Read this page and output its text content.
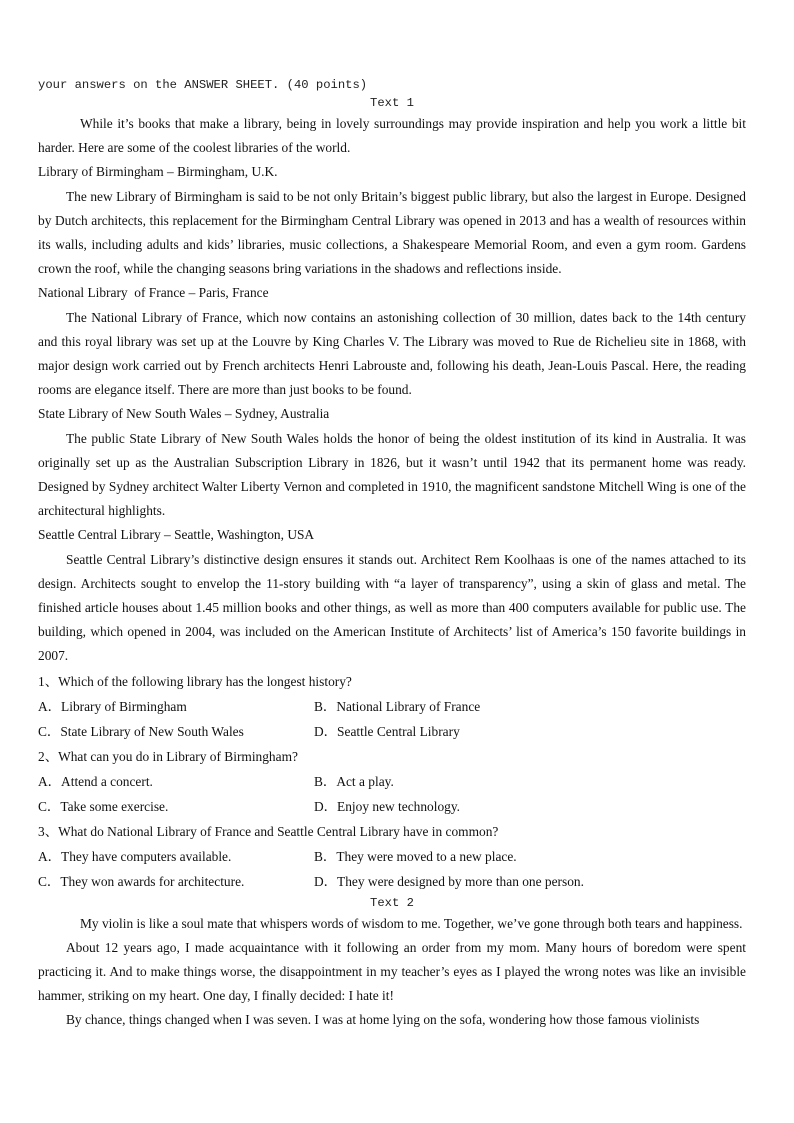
your answers on the ANSWER SHEET. (40 points)
Text 1

While it’s books that make a library, being in lovely surroundings may provide inspiration and help you work a little bit harder. Here are some of the coolest libraries of the world.

Library of Birmingham – Birmingham, U.K.

The new Library of Birmingham is said to be not only Britain’s biggest public library, but also the largest in Europe. Designed by Dutch architects, this replacement for the Birmingham Central Library was opened in 2013 and has a wealth of resources within its walls, including adults and kids’ libraries, music collections, a Shakespeare Memorial Room, and even a gym room. Gardens crown the roof, while the changing seasons bring variations in the shadows and reflections inside.

National Library  of France – Paris, France

The National Library of France, which now contains an astonishing collection of 30 million, dates back to the 14th century and this royal library was set up at the Louvre by King Charles V. The Library was moved to Rue de Richelieu site in 1868, with major design work carried out by French architects Henri Labrouste and, following his death, Jean-Louis Pascal. Here, the reading rooms are elegance itself. There are more than just books to be found.

State Library of New South Wales – Sydney, Australia

The public State Library of New South Wales holds the honor of being the oldest institution of its kind in Australia. It was originally set up as the Australian Subscription Library in 1826, but it wasn’t until 1942 that its permanent home was ready. Designed by Sydney architect Walter Liberty Vernon and completed in 1910, the magnificent sandstone Mitchell Wing is one of the architectural highlights.

Seattle Central Library – Seattle, Washington, USA

Seattle Central Library’s distinctive design ensures it stands out. Architect Rem Koolhaas is one of the names attached to its design. Architects sought to envelop the 11-story building with “a layer of transparency”, using a skin of glass and metal. The finished article houses about 1.45 million books and other things, as well as more than 400 computers available for public use. The building, which opened in 2004, was included on the American Institute of Architects’ list of America’s 150 favorite buildings in 2007.

1、Which of the following library has the longest history?

A．Library of Birmingham	B．National Library of France
C．State Library of New South Wales	D．Seattle Central Library

2、What can you do in Library of Birmingham?

A．Attend a concert.	B．Act a play.
C．Take some exercise.	D．Enjoy new technology.

3、What do National Library of France and Seattle Central Library have in common?

A．They have computers available.	B．They were moved to a new place.
C．They won awards for architecture.	D．They were designed by more than one person.
Text 2

My violin is like a soul mate that whispers words of wisdom to me. Together, we’ve gone through both tears and happiness.

About 12 years ago, I made acquaintance with it following an order from my mom. Many hours of boredom were spent practicing it. And to make things worse, the disappointment in my teacher’s eyes as I played the wrong notes was like an invisible hammer, striking on my heart. One day, I finally decided: I hate it!

By chance, things changed when I was seven. I was at home lying on the sofa, wondering how those famous violinists
